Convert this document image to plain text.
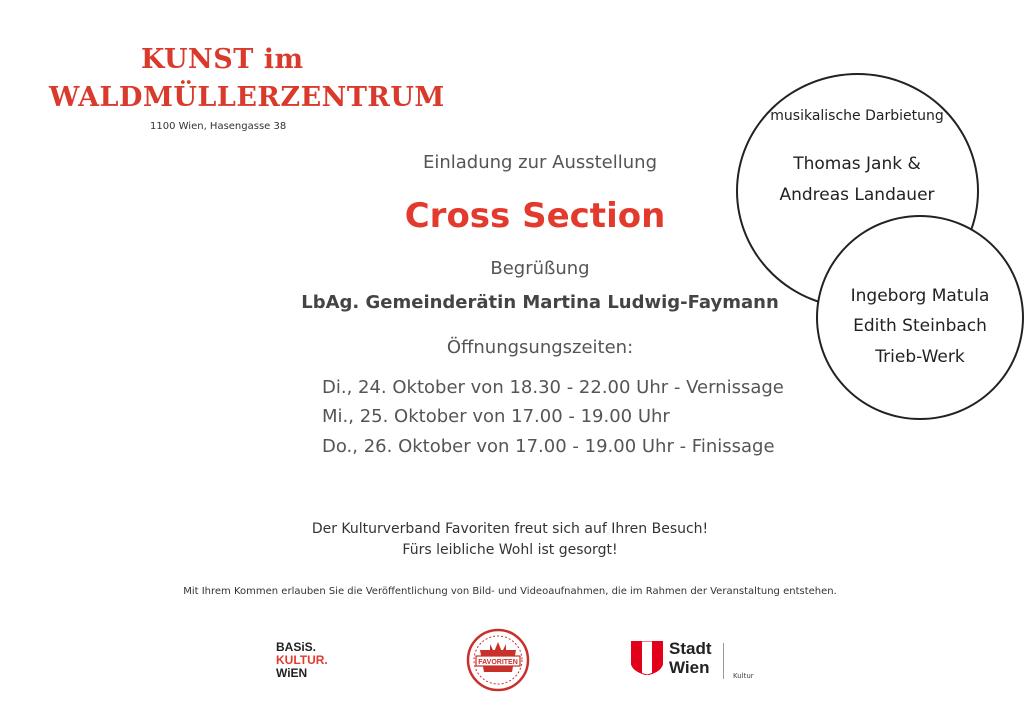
KUNST im
WALDMÜLLERZENTRUM
1100 Wien, Hasengasse 38
Einladung zur Ausstellung
Cross Section
Begrüßung
LbAg. Gemeinderätin Martina Ludwig-Faymann
Öffnungsungszeiten:
Di., 24. Oktober von 18.30 - 22.00 Uhr - Vernissage
Mi., 25. Oktober von 17.00 - 19.00 Uhr
Do., 26. Oktober von 17.00 - 19.00 Uhr - Finissage
musikalische Darbietung
Thomas Jank &
Andreas Landauer
Ingeborg Matula
Edith Steinbach
Trieb-Werk
Der Kulturverband Favoriten freut sich auf Ihren Besuch!
Fürs leibliche Wohl ist gesorgt!
Mit Ihrem Kommen erlauben Sie die Veröffentlichung von Bild- und Videoaufnahmen, die im Rahmen der Veranstaltung entstehen.
BASiS.
KULTUR.
WiEN
FAVORITEN
Stadt
Wien	Kultur
